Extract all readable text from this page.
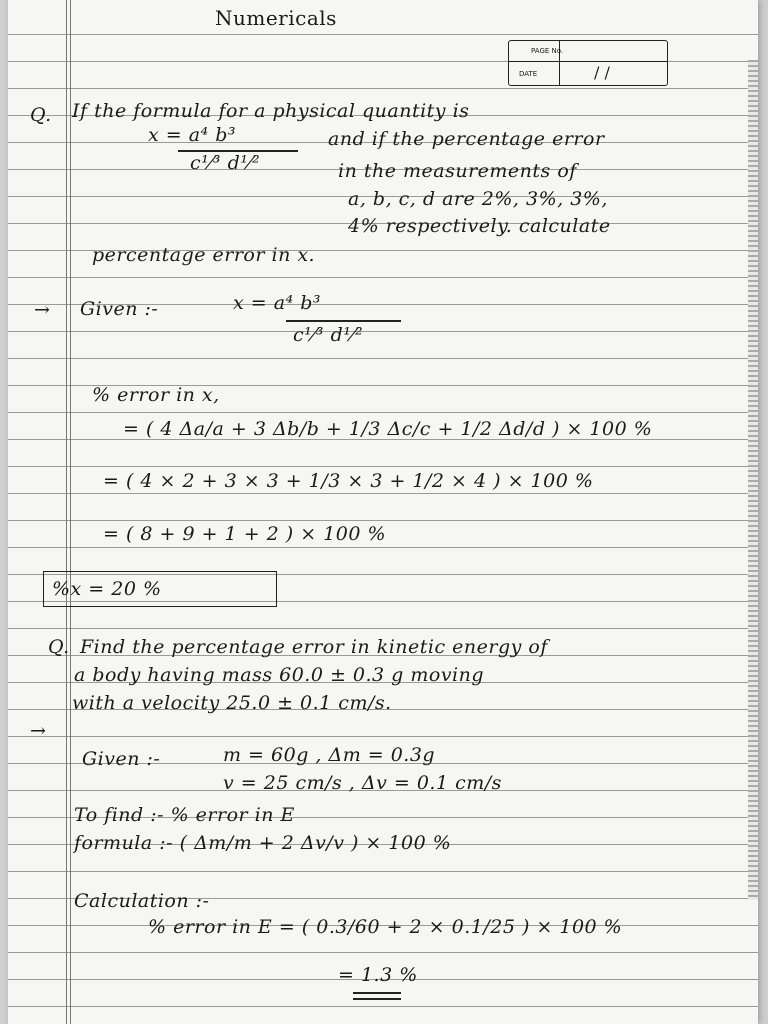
Numericals
PAGE No.
DATE	/ /
Q. If the formula for a physical quantity is
x = a⁴ b³
c¹⁄³ d¹⁄²
and if the percentage error
in the measurements of
a, b, c, d are 2%, 3%, 3%,
4% respectively. calculate
percentage error in x.
→ Given :-	x = a⁴ b³
c¹⁄³ d¹⁄²
% error in x,
= ( 4 Δa/a + 3 Δb/b + 1/3 Δc/c + 1/2 Δd/d ) × 100 %
= ( 4 × 2 + 3 × 3 + 1/3 × 3 + 1/2 × 4 ) × 100 %
= ( 8 + 9 + 1 + 2 ) × 100 %
%x = 20 %
Q. Find the percentage error in kinetic energy of
a body having mass 60.0 ± 0.3 g moving
with a velocity 25.0 ± 0.1 cm/s.
→
Given :-	m = 60g , Δm = 0.3g
v = 25 cm/s , Δv = 0.1 cm/s
To find :- % error in E
formula :- ( Δm/m + 2 Δv/v ) × 100 %
Calculation :-
% error in E = ( 0.3/60 + 2 × 0.1/25 ) × 100 %
= 1.3 %
